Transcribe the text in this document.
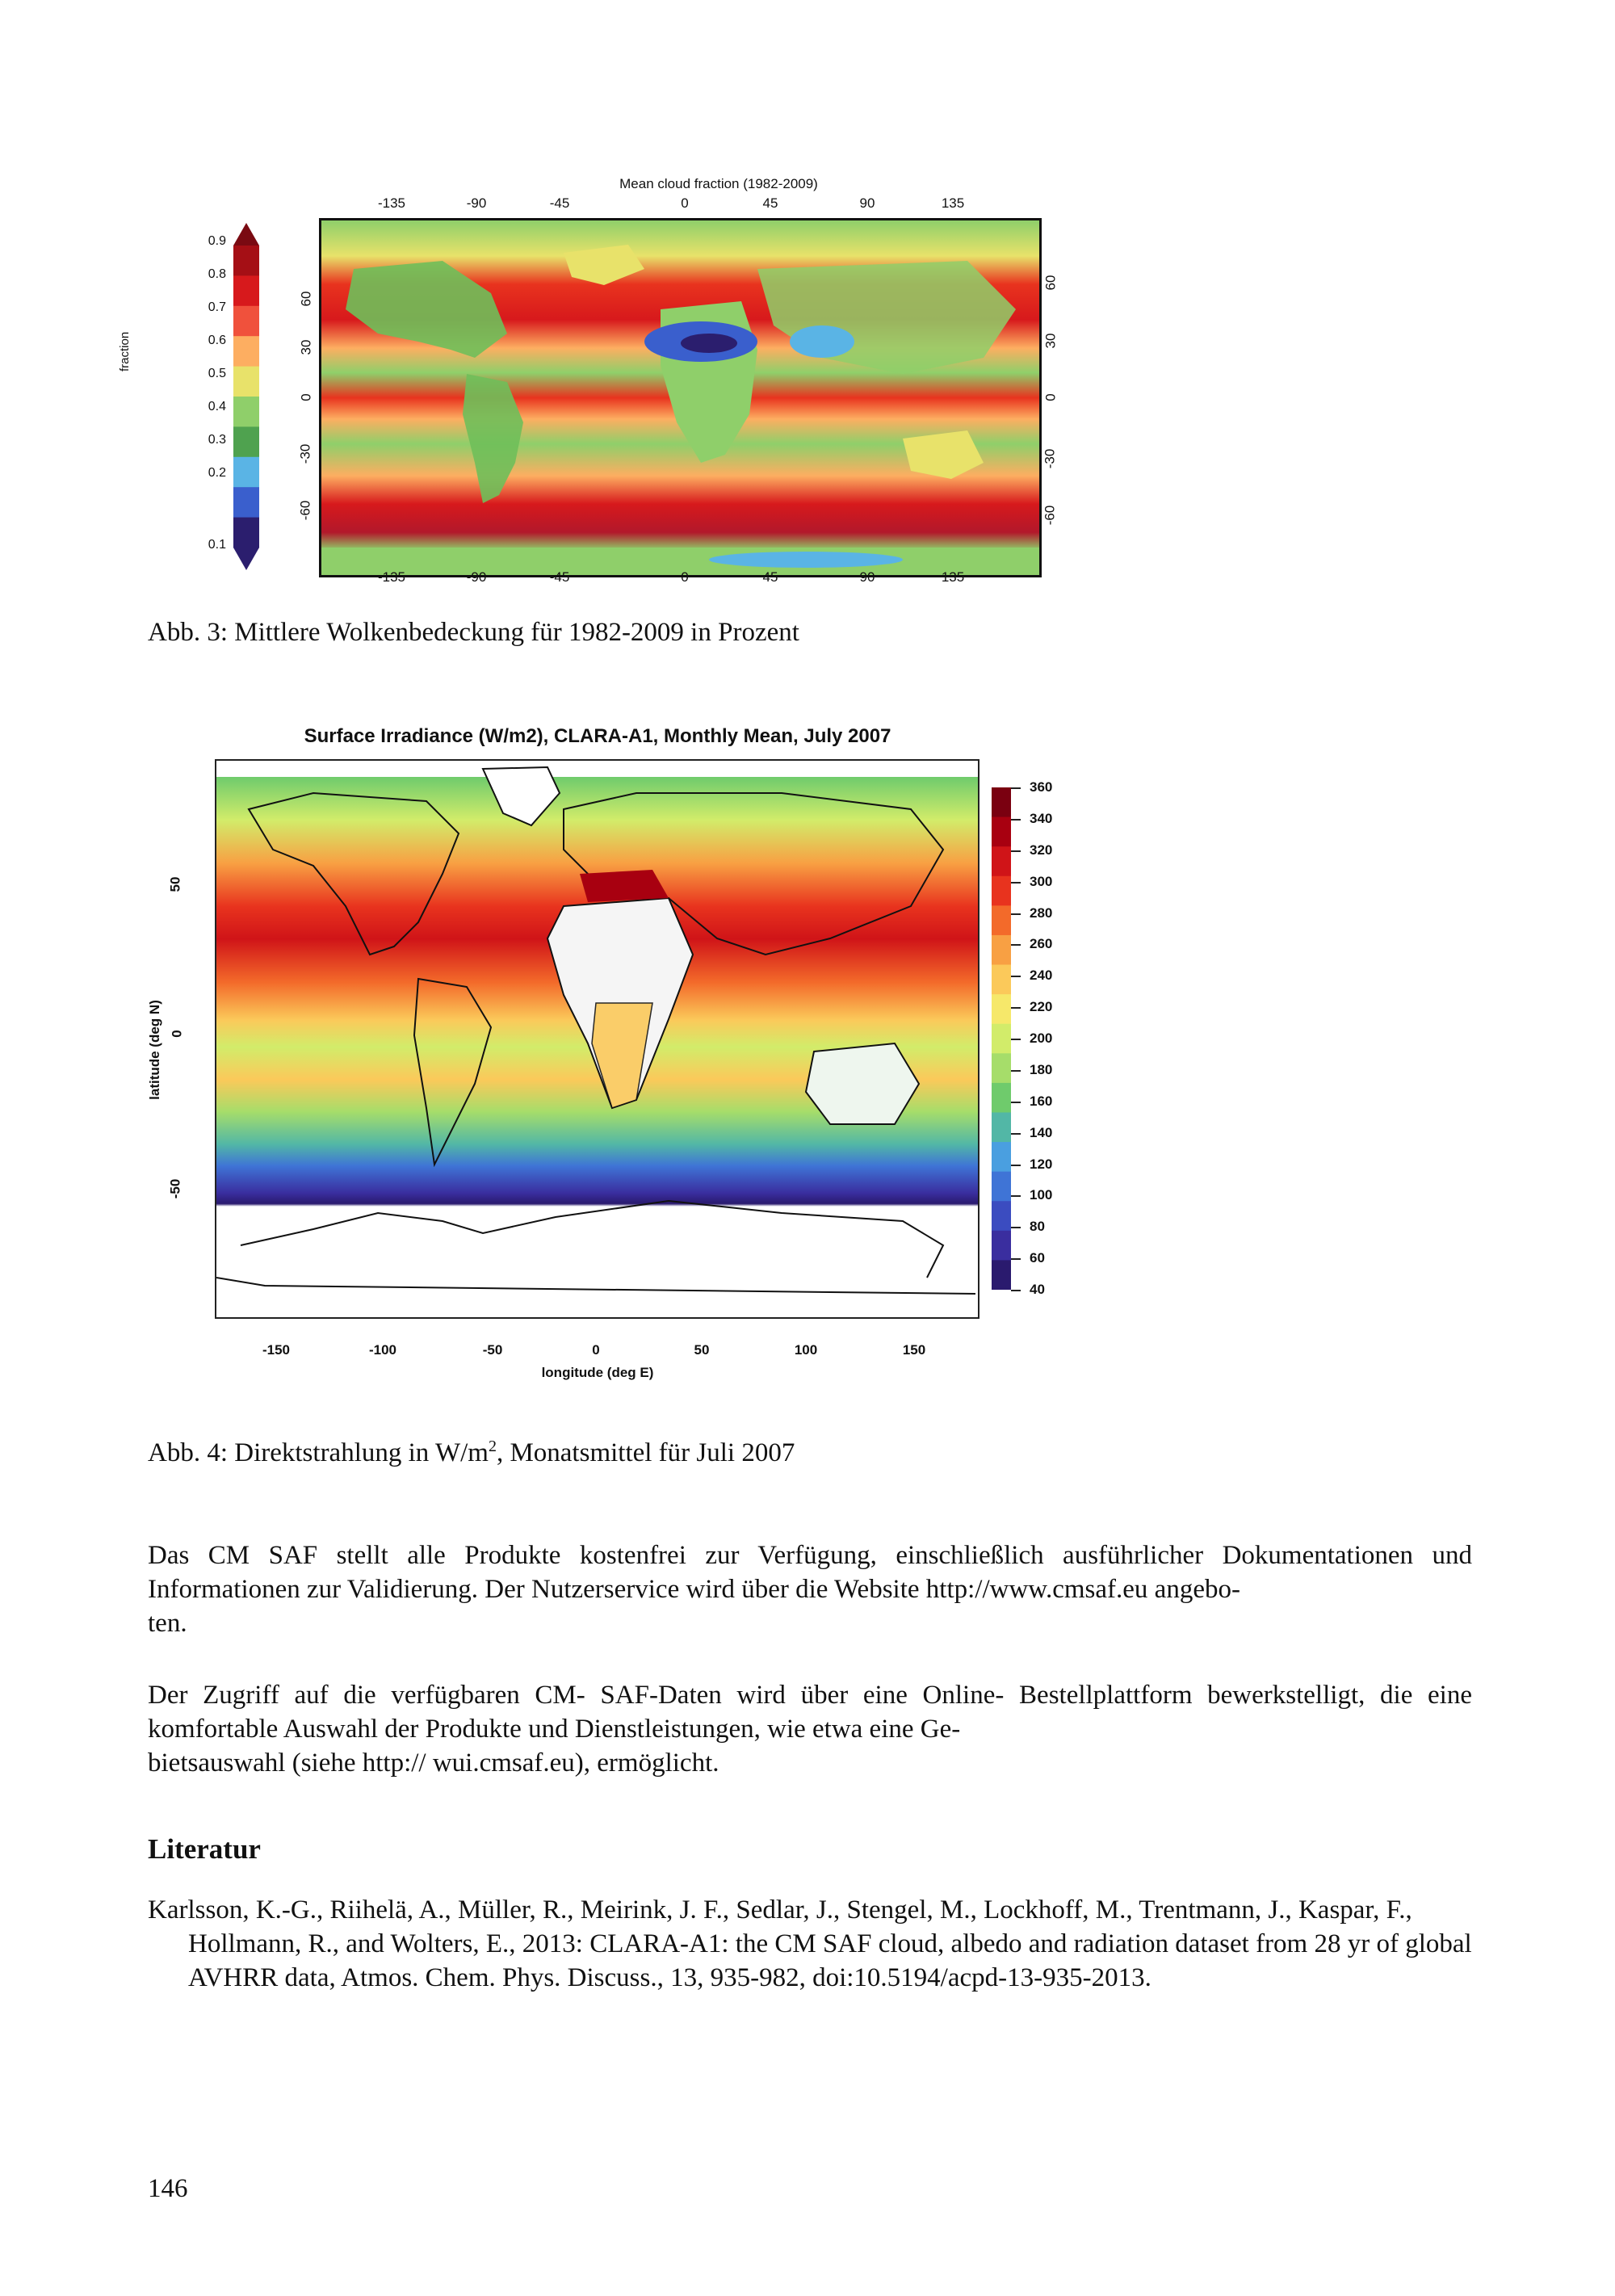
Mean cloud fraction (1982-2009)
-135	-90	-45	0	45	90	135
fraction
0.9
0.8
0.7
0.6
0.5
0.4
0.3
0.2
0.1
60
30
0
-30
-60
60
30
0
-30
-60
-135	-90	-45	0	45	90	135
Abb. 3: Mittlere Wolkenbedeckung für 1982-2009 in Prozent
Surface Irradiance (W/m2), CLARA-A1, Monthly Mean, July 2007
50
0
-50
latitude (deg N)
-150	-100	-50	0	50	100	150
longitude (deg E)
360
340
320
300
280
260
240
220
200
180
160
140
120
100
80
60
40
Abb. 4: Direktstrahlung in $W/m^2$, Monatsmittel für Juli 2007
Das CM SAF stellt alle Produkte kostenfrei zur Verfügung, einschließlich ausführlicher Dokumentationen und Informationen zur Validierung. Der Nutzerservice wird über die Website http://www.cmsaf.eu angebo-
ten.
Der Zugriff auf die verfügbaren CM- SAF-Daten wird über eine Online- Bestellplattform bewerkstelligt, die eine komfortable Auswahl der Produkte und Dienstleistungen, wie etwa eine Ge-
bietsauswahl (siehe http:// wui.cmsaf.eu), ermöglicht.
Literatur
Karlsson, K.-G., Riihelä, A., Müller, R., Meirink, J. F., Sedlar, J., Stengel, M., Lockhoff, M., Trentmann, J., Kaspar, F., Hollmann, R., and Wolters, E., 2013: CLARA-A1: the CM SAF cloud, albedo and radiation dataset from 28 yr of global AVHRR data, Atmos. Chem. Phys. Discuss., 13, 935-982, doi:10.5194/acpd-13-935-2013.
146
